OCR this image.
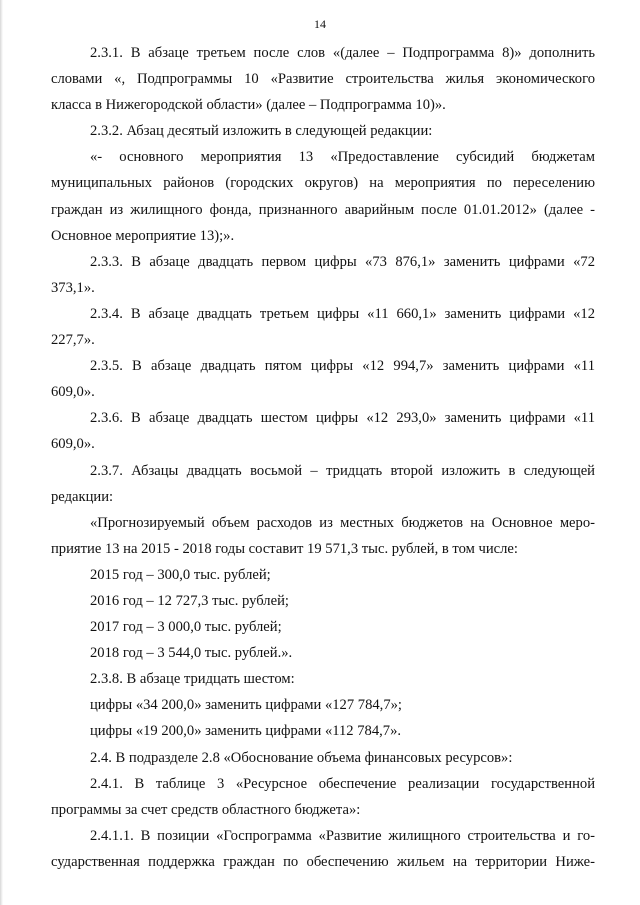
14
2.3.1. В абзаце третьем после слов «(далее – Подпрограмма 8)» дополнить
словами «, Подпрограммы 10 «Развитие строительства жилья экономического
класса в Нижегородской области» (далее – Подпрограмма 10)».
2.3.2. Абзац десятый изложить в следующей редакции:
«- основного мероприятия 13 «Предоставление субсидий бюджетам
муниципальных районов (городских округов) на мероприятия по переселению
граждан из жилищного фонда, признанного аварийным после 01.01.2012» (далее -
Основное мероприятие 13);».
2.3.3. В абзаце двадцать первом цифры «73 876,1» заменить цифрами «72
373,1».
2.3.4. В абзаце двадцать третьем цифры «11 660,1» заменить цифрами «12
227,7».
2.3.5. В абзаце двадцать пятом цифры «12 994,7» заменить цифрами «11
609,0».
2.3.6. В абзаце двадцать шестом цифры «12 293,0» заменить цифрами «11
609,0».
2.3.7. Абзацы двадцать восьмой – тридцать второй изложить в следующей
редакции:
«Прогнозируемый объем расходов из местных бюджетов на Основное меро-
приятие 13 на 2015 - 2018 годы составит 19 571,3 тыс. рублей, в том числе:
2015 год – 300,0 тыс. рублей;
2016 год – 12 727,3 тыс. рублей;
2017 год – 3 000,0 тыс. рублей;
2018 год – 3 544,0 тыс. рублей.».
2.3.8. В абзаце тридцать шестом:
цифры «34 200,0» заменить цифрами «127 784,7»;
цифры «19 200,0» заменить цифрами «112 784,7».
2.4. В подразделе 2.8 «Обоснование объема финансовых ресурсов»:
2.4.1. В таблице 3 «Ресурсное обеспечение реализации государственной
программы за счет средств областного бюджета»:
2.4.1.1. В позиции «Госпрограмма «Развитие жилищного строительства и го-
сударственная поддержка граждан по обеспечению жильем на территории Ниже-
